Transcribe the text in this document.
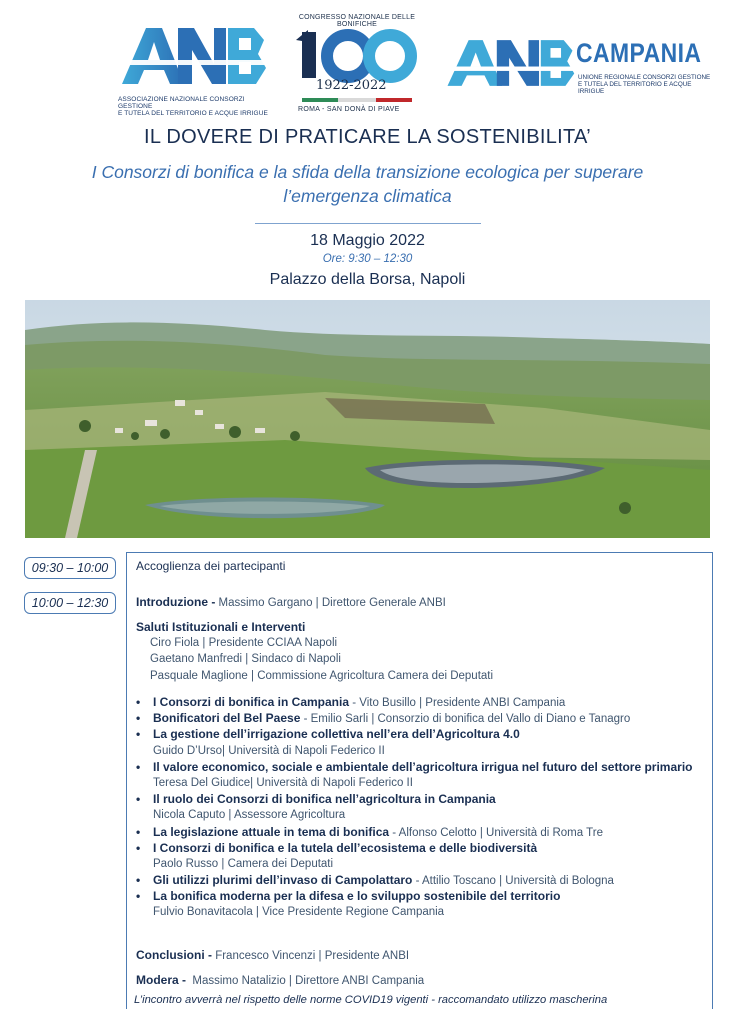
ASSOCIAZIONE NAZIONALE CONSORZI GESTIONE
E TUTELA DEL TERRITORIO E ACQUE IRRIGUE
CONGRESSO NAZIONALE DELLE BONIFICHE
1922-2022
ROMA - SAN DONÀ DI PIAVE
CAMPANIA
UNIONE REGIONALE CONSORZI GESTIONE
E TUTELA DEL TERRITORIO E ACQUE IRRIGUE
IL DOVERE DI PRATICARE LA SOSTENIBILITA’
I Consorzi di bonifica e la sfida della transizione ecologica per superare
l’emergenza climatica
18 Maggio 2022
Ore: 9:30 – 12:30
Palazzo della Borsa, Napoli
09:30 – 10:00
10:00 – 12:30
Accoglienza dei partecipanti
Introduzione - Massimo Gargano | Direttore Generale ANBI
Saluti Istituzionali e Interventi
Ciro Fiola | Presidente CCIAA Napoli
Gaetano Manfredi | Sindaco di Napoli
Pasquale Maglione | Commissione Agricoltura Camera dei Deputati
• I Consorzi di bonifica in Campania - Vito Busillo | Presidente ANBI Campania
• Bonificatori del Bel Paese - Emilio Sarli | Consorzio di bonifica del Vallo di Diano e Tanagro
• La gestione dell’irrigazione collettiva nell’era dell’Agricoltura 4.0
Guido D’Urso| Università di Napoli Federico II
• Il valore economico, sociale e ambientale dell’agricoltura irrigua nel futuro del settore primario
Teresa Del Giudice| Università di Napoli Federico II
• Il ruolo dei Consorzi di bonifica nell’agricoltura in Campania
Nicola Caputo | Assessore Agricoltura
• La legislazione attuale in tema di bonifica - Alfonso Celotto | Università di Roma Tre
• I Consorzi di bonifica e la tutela dell’ecosistema e delle biodiversità
Paolo Russo | Camera dei Deputati
• Gli utilizzi plurimi dell’invaso di Campolattaro - Attilio Toscano | Università di Bologna
• La bonifica moderna per la difesa e lo sviluppo sostenibile del territorio
Fulvio Bonavitacola | Vice Presidente Regione Campania
Conclusioni - Francesco Vincenzi | Presidente ANBI
Modera -  Massimo Natalizio | Direttore ANBI Campania
L’incontro avverrà nel rispetto delle norme COVID19 vigenti - raccomandato utilizzo mascherina
